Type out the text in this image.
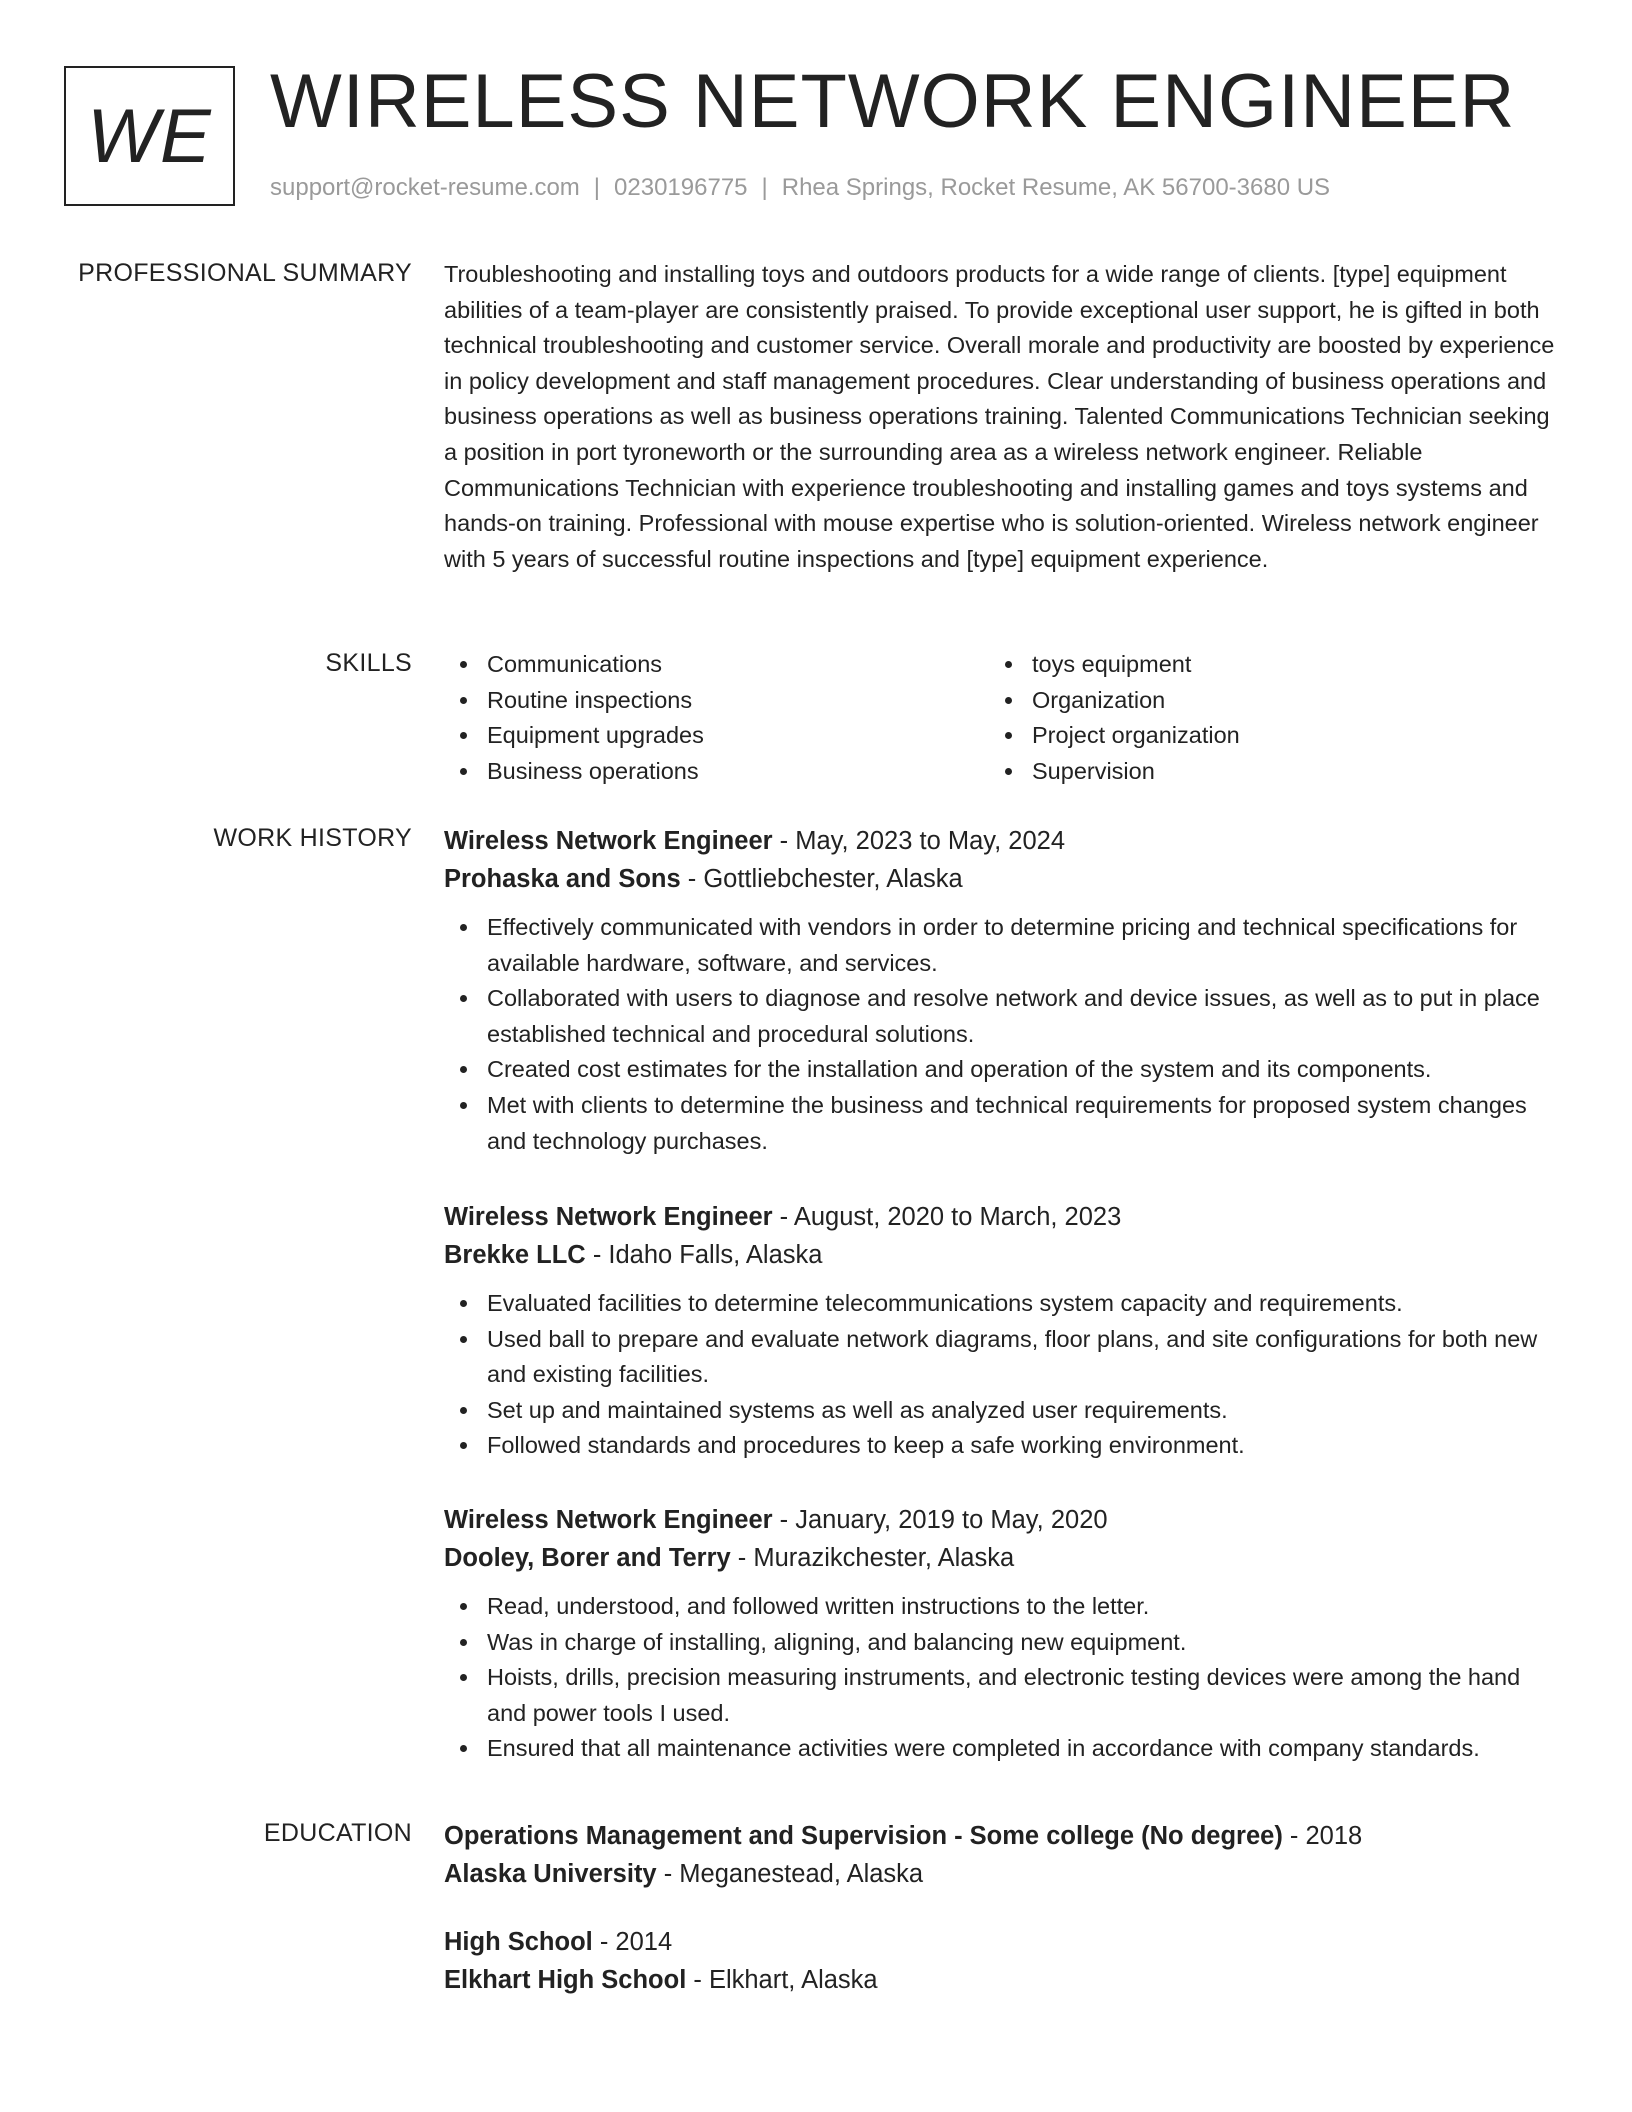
WE WIRELESS NETWORK ENGINEER
support@rocket-resume.com | 0230196775 | Rhea Springs, Rocket Resume, AK 56700-3680 US
PROFESSIONAL SUMMARY Troubleshooting and installing toys and outdoors products for a wide range of clients. [type] equipment abilities of a team-player are consistently praised. To provide exceptional user support, he is gifted in both technical troubleshooting and customer service. Overall morale and productivity are boosted by experience in policy development and staff management procedures. Clear understanding of business operations and business operations as well as business operations training. Talented Communications Technician seeking a position in port tyroneworth or the surrounding area as a wireless network engineer. Reliable Communications Technician with experience troubleshooting and installing games and toys systems and hands-on training. Professional with mouse expertise who is solution-oriented. Wireless network engineer with 5 years of successful routine inspections and [type] equipment experience.

SKILLS	Communications
Routine inspections
Equipment upgrades
Business operations
toys equipment
Organization
Project organization
Supervision
WORK HISTORY Wireless Network Engineer - May, 2023 to May, 2024
Prohaska and Sons - Gottliebchester, Alaska
Effectively communicated with vendors in order to determine pricing and technical specifications for available hardware, software, and services.
Collaborated with users to diagnose and resolve network and device issues, as well as to put in place established technical and procedural solutions.
Created cost estimates for the installation and operation of the system and its components.
Met with clients to determine the business and technical requirements for proposed system changes and technology purchases.
Wireless Network Engineer - August, 2020 to March, 2023
Brekke LLC - Idaho Falls, Alaska
Evaluated facilities to determine telecommunications system capacity and requirements.
Used ball to prepare and evaluate network diagrams, floor plans, and site configurations for both new and existing facilities.
Set up and maintained systems as well as analyzed user requirements.
Followed standards and procedures to keep a safe working environment.
Wireless Network Engineer - January, 2019 to May, 2020
Dooley, Borer and Terry - Murazikchester, Alaska
Read, understood, and followed written instructions to the letter.
Was in charge of installing, aligning, and balancing new equipment.
Hoists, drills, precision measuring instruments, and electronic testing devices were among the hand and power tools I used.
Ensured that all maintenance activities were completed in accordance with company standards.
EDUCATION Operations Management and Supervision - Some college (No degree) - 2018
Alaska University - Meganestead, Alaska
High School - 2014
Elkhart High School - Elkhart, Alaska
